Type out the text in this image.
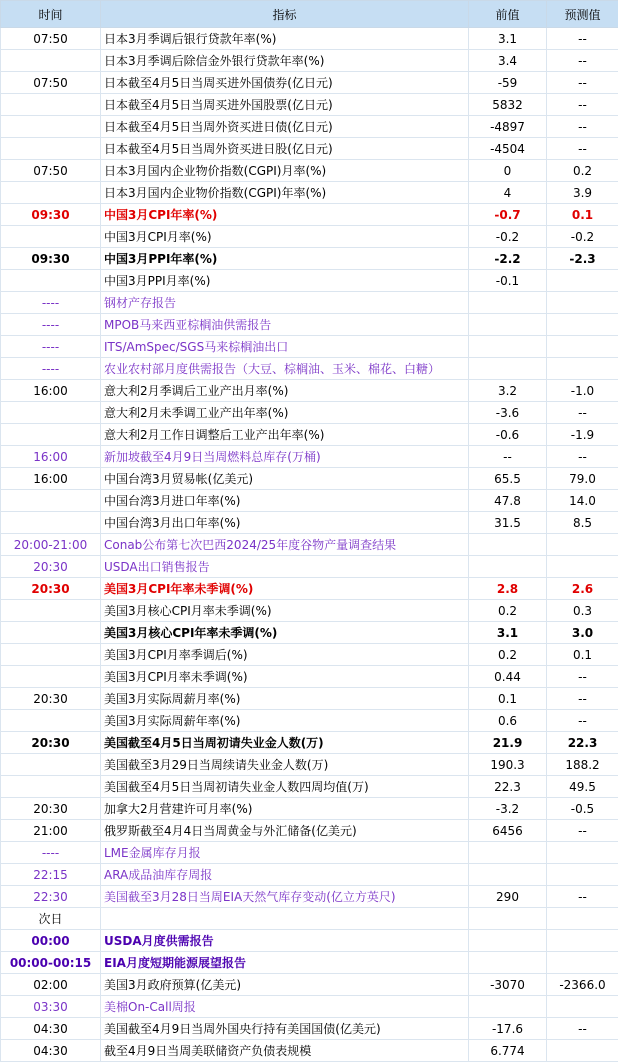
时间	指标	前值	预测值
07:50	日本3月季调后银行贷款年率(%)	3.1	--
	日本3月季调后除信金外银行贷款年率(%)	3.4	--
07:50	日本截至4月5日当周买进外国债券(亿日元)	-59	--
	日本截至4月5日当周买进外国股票(亿日元)	5832	--
	日本截至4月5日当周外资买进日债(亿日元)	-4897	--
	日本截至4月5日当周外资买进日股(亿日元)	-4504	--
07:50	日本3月国内企业物价指数(CGPI)月率(%)	0	0.2
	日本3月国内企业物价指数(CGPI)年率(%)	4	3.9
09:30	中国3月CPI年率(%)	-0.7	0.1
	中国3月CPI月率(%)	-0.2	-0.2
09:30	中国3月PPI年率(%)	-2.2	-2.3
	中国3月PPI月率(%)	-0.1	
----	钢材产存报告		
----	MPOB马来西亚棕榈油供需报告		
----	ITS/AmSpec/SGS马来棕榈油出口		
----	农业农村部月度供需报告（大豆、棕榈油、玉米、棉花、白糖）		
16:00	意大利2月季调后工业产出月率(%)	3.2	-1.0
	意大利2月未季调工业产出年率(%)	-3.6	--
	意大利2月工作日调整后工业产出年率(%)	-0.6	-1.9
16:00	新加坡截至4月9日当周燃料总库存(万桶)	--	--
16:00	中国台湾3月贸易帐(亿美元)	65.5	79.0
	中国台湾3月进口年率(%)	47.8	14.0
	中国台湾3月出口年率(%)	31.5	8.5
20:00-21:00	Conab公布第七次巴西2024/25年度谷物产量调查结果		
20:30	USDA出口销售报告		
20:30	美国3月CPI年率未季调(%)	2.8	2.6
	美国3月核心CPI月率未季调(%)	0.2	0.3
	美国3月核心CPI年率未季调(%)	3.1	3.0
	美国3月CPI月率季调后(%)	0.2	0.1
	美国3月CPI月率未季调(%)	0.44	--
20:30	美国3月实际周薪月率(%)	0.1	--
	美国3月实际周薪年率(%)	0.6	--
20:30	美国截至4月5日当周初请失业金人数(万)	21.9	22.3
	美国截至3月29日当周续请失业金人数(万)	190.3	188.2
	美国截至4月5日当周初请失业金人数四周均值(万)	22.3	49.5
20:30	加拿大2月营建许可月率(%)	-3.2	-0.5
21:00	俄罗斯截至4月4日当周黄金与外汇储备(亿美元)	6456	--
----	LME金属库存月报		
22:15	ARA成品油库存周报		
22:30	美国截至3月28日当周EIA天然气库存变动(亿立方英尺)	290	--
次日			
00:00	USDA月度供需报告		
00:00-00:15	EIA月度短期能源展望报告		
02:00	美国3月政府预算(亿美元)	-3070	-2366.0
03:30	美棉On-Call周报		
04:30	美国截至4月9日当周外国央行持有美国国债(亿美元)	-17.6	--
04:30	截至4月9日当周美联储资产负债表规模	6.774	
